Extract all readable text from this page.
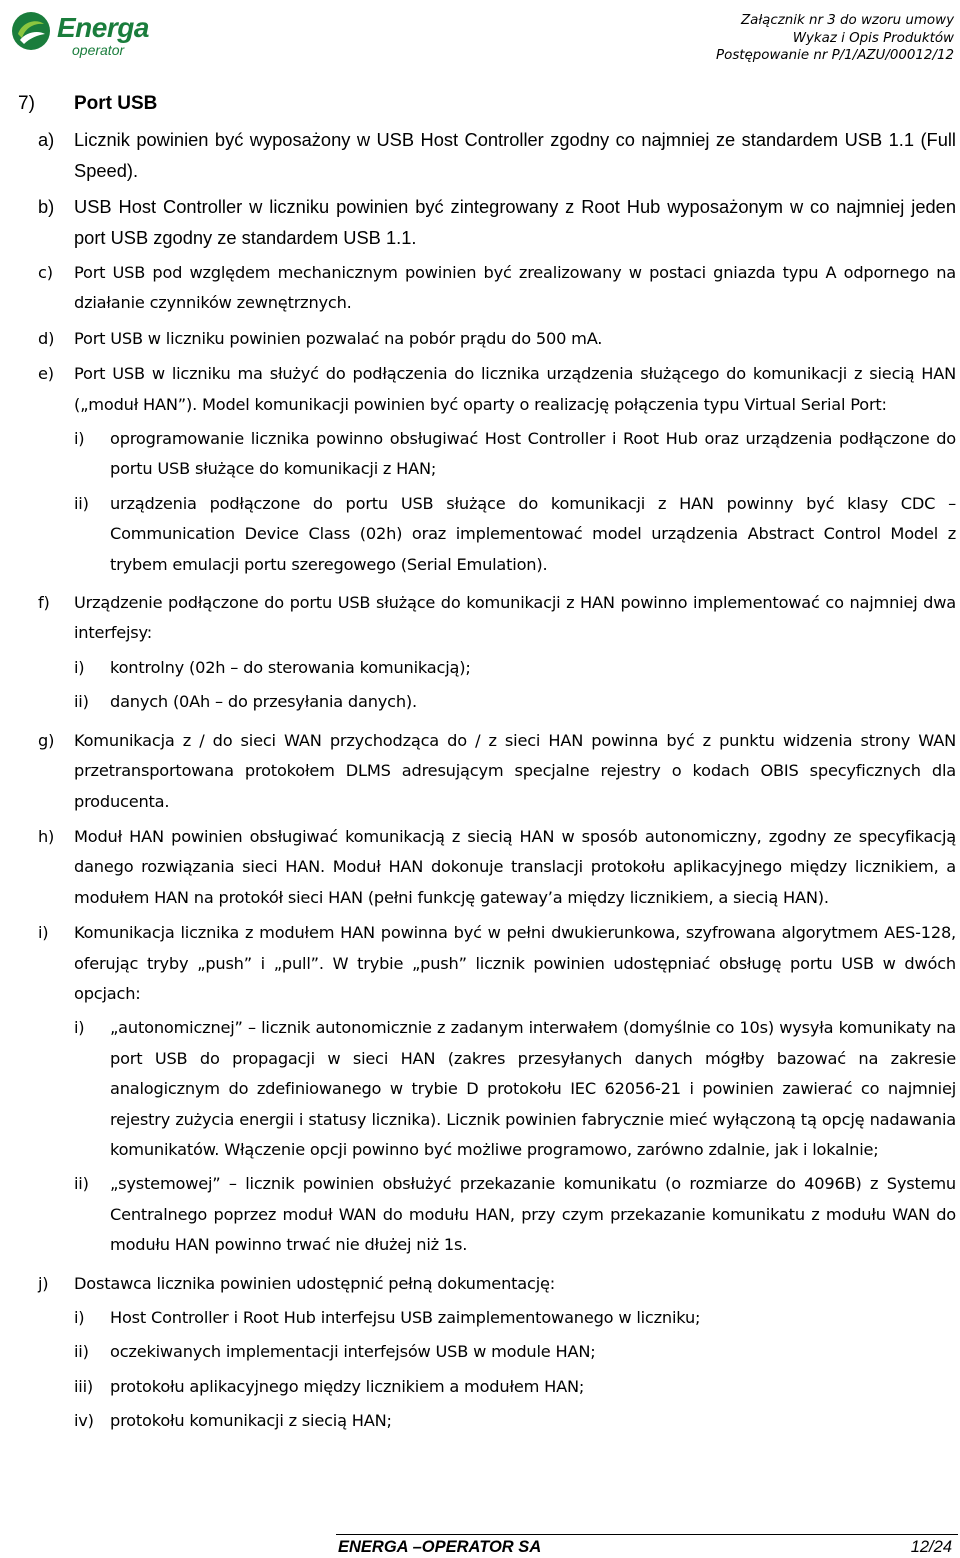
Energa
operator
Załącznik nr 3 do wzoru umowy
Wykaz i Opis Produktów
Postępowanie nr P/1/AZU/00012/12
7) Port USB
a)	Licznik powinien być wyposażony w USB Host Controller zgodny co najmniej ze standardem USB 1.1 (Full Speed).
b)	USB Host Controller w liczniku powinien być zintegrowany z Root Hub wyposażonym w co najmniej jeden port USB zgodny ze standardem USB 1.1.
c)	Port USB pod względem mechanicznym powinien być zrealizowany w postaci gniazda typu A odpornego na działanie czynników zewnętrznych.
d)	Port USB w liczniku powinien pozwalać na pobór prądu do 500 mA.
e)	Port USB w liczniku ma służyć do podłączenia do licznika urządzenia służącego do komunikacji z siecią HAN („moduł HAN”). Model komunikacji powinien być oparty o realizację połączenia typu Virtual Serial Port:

i)	oprogramowanie licznika powinno obsługiwać Host Controller i Root Hub oraz urządzenia podłączone do portu USB służące do komunikacji z HAN;
ii)	urządzenia podłączone do portu USB służące do komunikacji z HAN powinny być klasy CDC – Communication Device Class (02h) oraz implementować model urządzenia Abstract Control Model z trybem emulacji portu szeregowego (Serial Emulation).
f)	Urządzenie podłączone do portu USB służące do komunikacji z HAN powinno implementować co najmniej dwa interfejsy:

i)	kontrolny (02h – do sterowania komunikacją);
ii)	danych (0Ah – do przesyłania danych).
g)	Komunikacja z / do sieci WAN przychodząca do / z sieci HAN powinna być z punktu widzenia strony WAN przetransportowana protokołem DLMS adresującym specjalne rejestry o kodach OBIS specyficznych dla producenta.
h)	Moduł HAN powinien obsługiwać komunikacją z siecią HAN w sposób autonomiczny, zgodny ze specyfikacją danego rozwiązania sieci HAN. Moduł HAN dokonuje translacji protokołu aplikacyjnego między licznikiem, a modułem HAN na protokół sieci HAN (pełni funkcję gateway’a między licznikiem, a siecią HAN).
i)	Komunikacja licznika z modułem HAN powinna być w pełni dwukierunkowa, szyfrowana algorytmem AES-128, oferując tryby „push” i „pull”. W trybie „push” licznik powinien udostępniać obsługę portu USB w dwóch opcjach:

i)	„autonomicznej” – licznik autonomicznie z zadanym interwałem (domyślnie co 10s) wysyła komunikaty na port USB do propagacji w sieci HAN (zakres przesyłanych danych mógłby bazować na zakresie analogicznym do zdefiniowanego w trybie D protokołu IEC 62056-21 i powinien zawierać co najmniej rejestry zużycia energii i statusy licznika). Licznik powinien fabrycznie mieć wyłączoną tą opcję nadawania komunikatów. Włączenie opcji powinno być możliwe programowo, zarówno zdalnie, jak i lokalnie;
ii)	„systemowej” – licznik powinien obsłużyć przekazanie komunikatu (o rozmiarze do 4096B) z Systemu Centralnego poprzez moduł WAN do modułu HAN, przy czym przekazanie komunikatu z modułu WAN do modułu HAN powinno trwać nie dłużej niż 1s.
j)	Dostawca licznika powinien udostępnić pełną dokumentację:

i)	Host Controller i Root Hub interfejsu USB zaimplementowanego w liczniku;
ii)	oczekiwanych implementacji interfejsów USB w module HAN;
iii)	protokołu aplikacyjnego między licznikiem a modułem HAN;
iv)	protokołu komunikacji z siecią HAN;
ENERGA –OPERATOR SA	12/24
